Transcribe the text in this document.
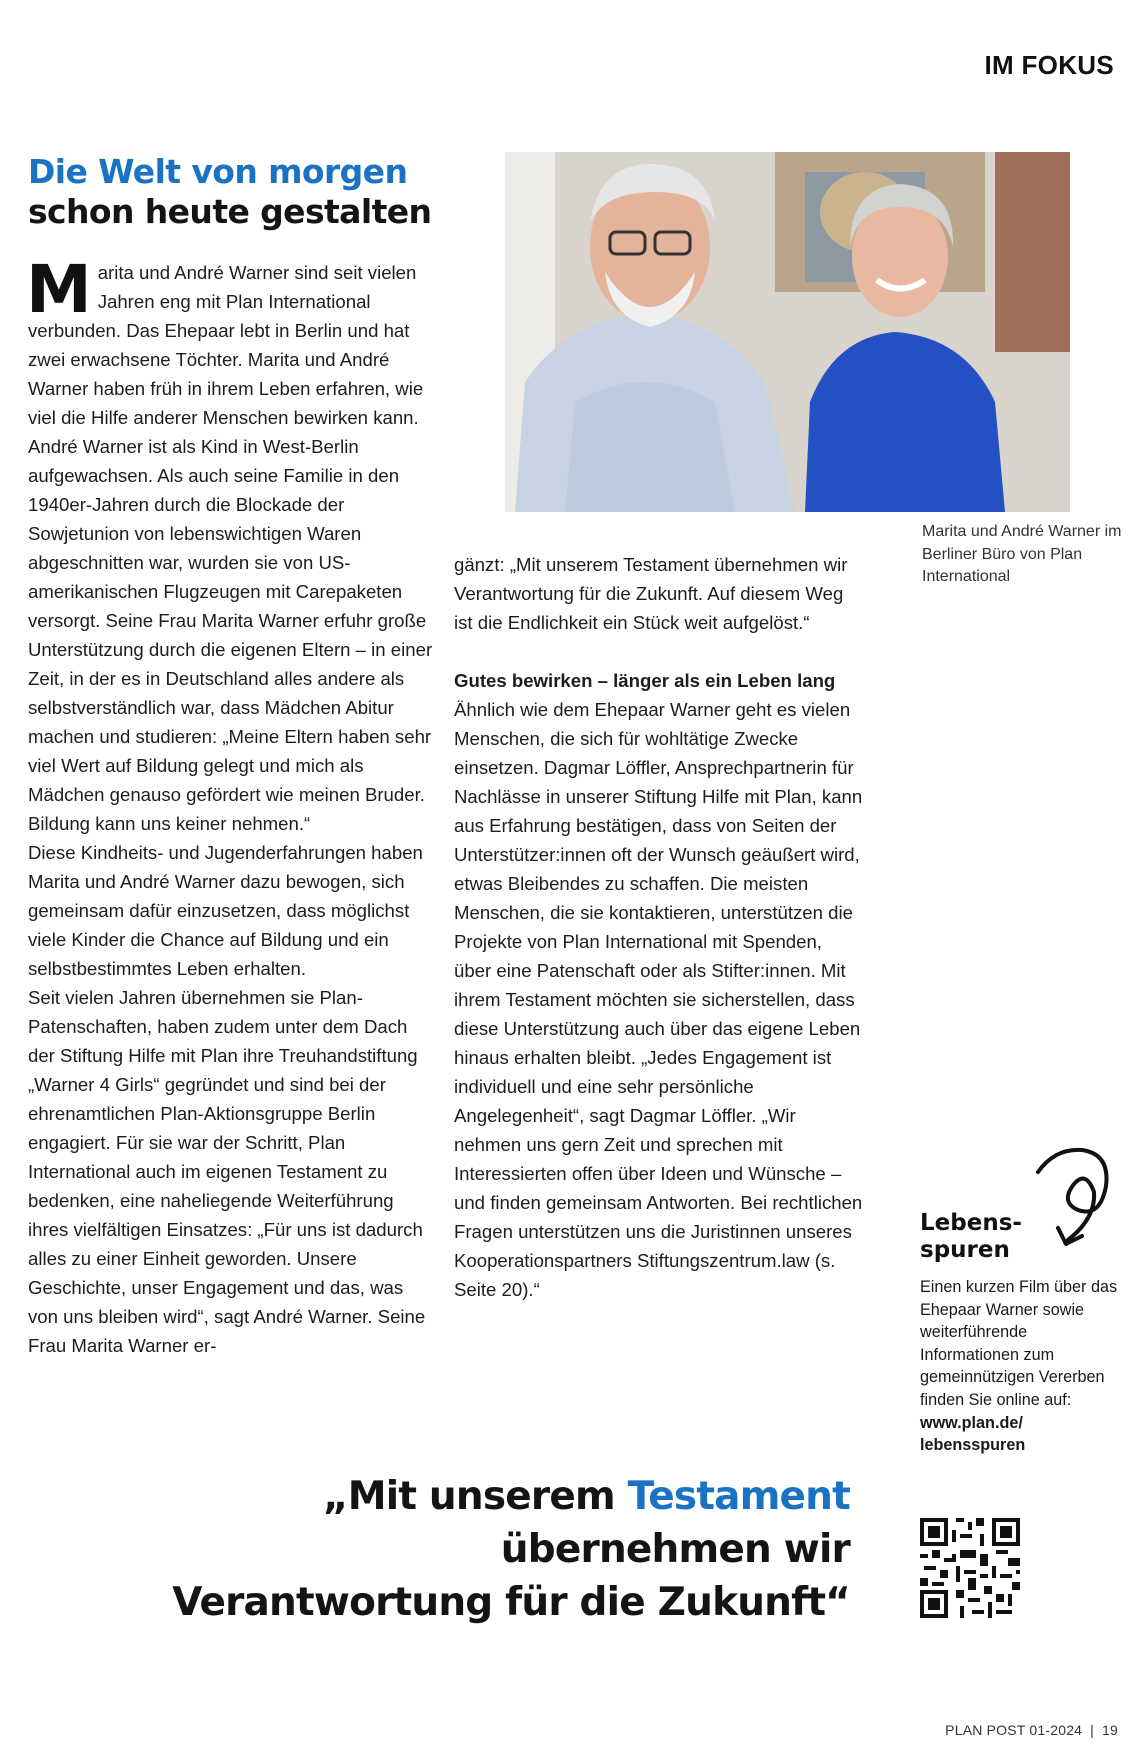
IM FOKUS
Die Welt von morgen
schon heute gestalten

Marita und André Warner sind seit vielen Jahren eng mit Plan International verbunden. Das Ehepaar lebt in Berlin und hat zwei erwachsene Töchter. Marita und André Warner haben früh in ihrem Leben erfahren, wie viel die Hilfe anderer Menschen bewirken kann. André Warner ist als Kind in West-Berlin aufgewachsen. Als auch seine Familie in den 1940er-Jahren durch die Blockade der Sowjetunion von lebenswichtigen Waren abgeschnitten war, wurden sie von US-amerikanischen Flugzeugen mit Carepaketen versorgt. Seine Frau Marita Warner erfuhr große Unterstützung durch die eigenen Eltern – in einer Zeit, in der es in Deutschland alles andere als selbstverständlich war, dass Mädchen Abitur machen und studieren: „Meine Eltern haben sehr viel Wert auf Bildung gelegt und mich als Mädchen genauso gefördert wie meinen Bruder. Bildung kann uns keiner nehmen.“

Diese Kindheits- und Jugenderfahrungen haben Marita und André Warner dazu bewogen, sich gemeinsam dafür einzusetzen, dass möglichst viele Kinder die Chance auf Bildung und ein selbstbestimmtes Leben erhalten.

Seit vielen Jahren übernehmen sie Plan-Patenschaften, haben zudem unter dem Dach der Stiftung Hilfe mit Plan ihre Treuhandstiftung „Warner 4 Girls“ gegründet und sind bei der ehrenamtlichen Plan-Aktionsgruppe Berlin engagiert. Für sie war der Schritt, Plan International auch im eigenen Testament zu bedenken, eine naheliegende Weiterführung ihres vielfältigen Einsatzes: „Für uns ist dadurch alles zu einer Einheit geworden. Unsere Geschichte, unser Engagement und das, was von uns bleiben wird“, sagt André Warner. Seine Frau Marita Warner er-

Marita und André Warner im Berliner Büro von Plan International

gänzt: „Mit unserem Testament übernehmen wir Verantwortung für die Zukunft. Auf diesem Weg ist die Endlichkeit ein Stück weit aufgelöst.“

Gutes bewirken – länger als ein Leben lang

Ähnlich wie dem Ehepaar Warner geht es vielen Menschen, die sich für wohltätige Zwecke einsetzen. Dagmar Löffler, Ansprechpartnerin für Nachlässe in unserer Stiftung Hilfe mit Plan, kann aus Erfahrung bestätigen, dass von Seiten der Unterstützer:innen oft der Wunsch geäußert wird, etwas Bleibendes zu schaffen. Die meisten Menschen, die sie kontaktieren, unterstützen die Projekte von Plan International mit Spenden, über eine Patenschaft oder als Stifter:innen. Mit ihrem Testament möchten sie sicherstellen, dass diese Unterstützung auch über das eigene Leben hinaus erhalten bleibt. „Jedes Engagement ist individuell und eine sehr persönliche Angelegenheit“, sagt Dagmar Löffler. „Wir nehmen uns gern Zeit und sprechen mit Interessierten offen über Ideen und Wünsche – und finden gemeinsam Antworten. Bei rechtlichen Fragen unterstützen uns die Juristinnen unseres Kooperationspartners Stiftungszentrum.law (s. Seite 20).“

„Mit unserem Testament
übernehmen wir
Verantwortung für die Zukunft“
Lebens-spuren
Einen kurzen Film über das Ehepaar Warner sowie weiterführende Informationen zum gemeinnützigen Vererben finden Sie online auf:
www.plan.de/ lebensspuren
PLAN POST 01-2024 | 19
